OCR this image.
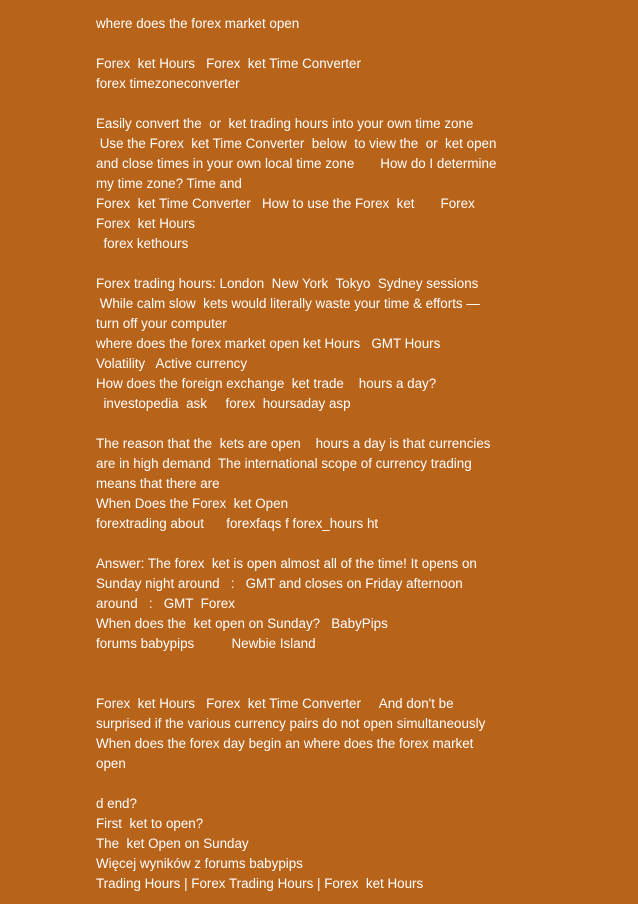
where does the forex market open
Forex  ket Hours   Forex  ket Time Converter
forex timezoneconverter
Easily convert the  or  ket trading hours into your own time zone
Use the Forex  ket Time Converter  below  to view the  or  ket open
and close times in your own local time zone       How do I determine
my time zone? Time and
Forex  ket Time Converter   How to use the Forex  ket       Forex
Forex  ket Hours
forex kethours
Forex trading hours: London  New York  Tokyo  Sydney sessions
While calm slow  kets would literally waste your time & efforts —
turn off your computer
where does the forex market open ket Hours   GMT Hours
Volatility   Active currency
How does the foreign exchange  ket trade    hours a day?
investopedia  ask     forex  hoursaday asp
The reason that the  kets are open    hours a day is that currencies
are in high demand  The international scope of currency trading
means that there are
When Does the Forex  ket Open
forextrading about      forexfaqs f forex_hours ht
Answer: The forex  ket is open almost all of the time! It opens on
Sunday night around   :   GMT and closes on Friday afternoon
around   :   GMT  Forex
When does the  ket open on Sunday?   BabyPips
forums babypips          Newbie Island
Forex  ket Hours   Forex  ket Time Converter     And don't be
surprised if the various currency pairs do not open simultaneously
When does the forex day begin an where does the forex market
open
d end?
First  ket to open?
The  ket Open on Sunday
Więcej wyników z forums babypips
Trading Hours | Forex Trading Hours | Forex  ket Hours
